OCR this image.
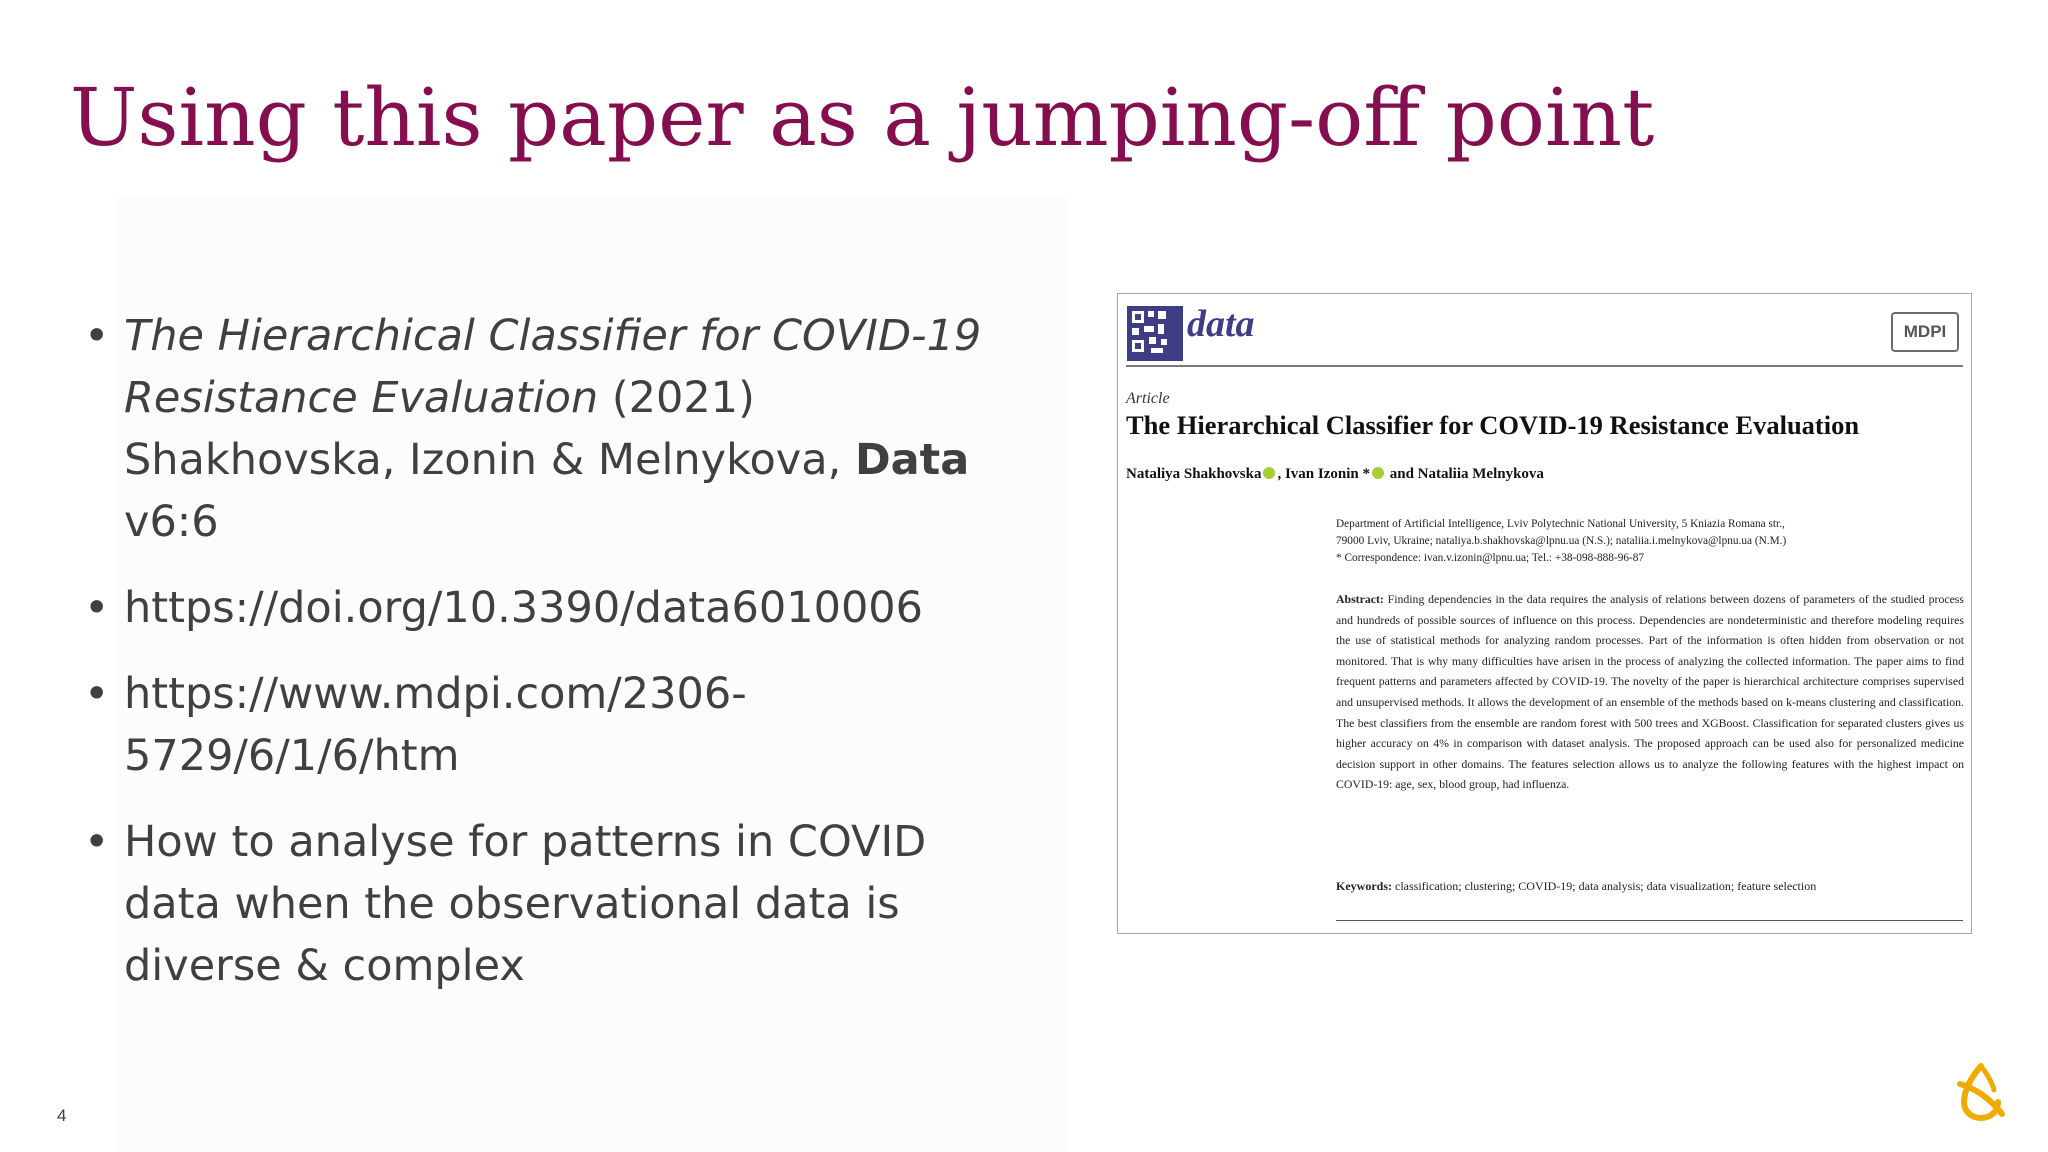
Using this paper as a jumping-off point
• The Hierarchical Classifier for COVID-19 Resistance Evaluation (2021) Shakhovska, Izonin & Melnykova, Data v6:6
• https://doi.org/10.3390/data6010006
• https://www.mdpi.com/2306-5729/6/1/6/htm
• How to analyse for patterns in COVID data when the observational data is diverse & complex
data	MDPI
Article
The Hierarchical Classifier for COVID-19 Resistance Evaluation
Nataliya Shakhovska , Ivan Izonin * and Nataliia Melnykova
Department of Artificial Intelligence, Lviv Polytechnic National University, 5 Kniazia Romana str.,
79000 Lviv, Ukraine; nataliya.b.shakhovska@lpnu.ua (N.S.); nataliia.i.melnykova@lpnu.ua (N.M.)
* Correspondence: ivan.v.izonin@lpnu.ua; Tel.: +38-098-888-96-87

Abstract: Finding dependencies in the data requires the analysis of relations between dozens of parameters of the studied process and hundreds of possible sources of influence on this process. Dependencies are nondeterministic and therefore modeling requires the use of statistical methods for analyzing random processes. Part of the information is often hidden from observation or not monitored. That is why many difficulties have arisen in the process of analyzing the collected information. The paper aims to find frequent patterns and parameters affected by COVID-19. The novelty of the paper is hierarchical architecture comprises supervised and unsupervised methods. It allows the development of an ensemble of the methods based on k-means clustering and classification. The best classifiers from the ensemble are random forest with 500 trees and XGBoost. Classification for separated clusters gives us higher accuracy on 4% in comparison with dataset analysis. The proposed approach can be used also for personalized medicine decision support in other domains. The features selection allows us to analyze the following features with the highest impact on COVID-19: age, sex, blood group, had influenza.

Keywords: classification; clustering; COVID-19; data analysis; data visualization; feature selection
4
